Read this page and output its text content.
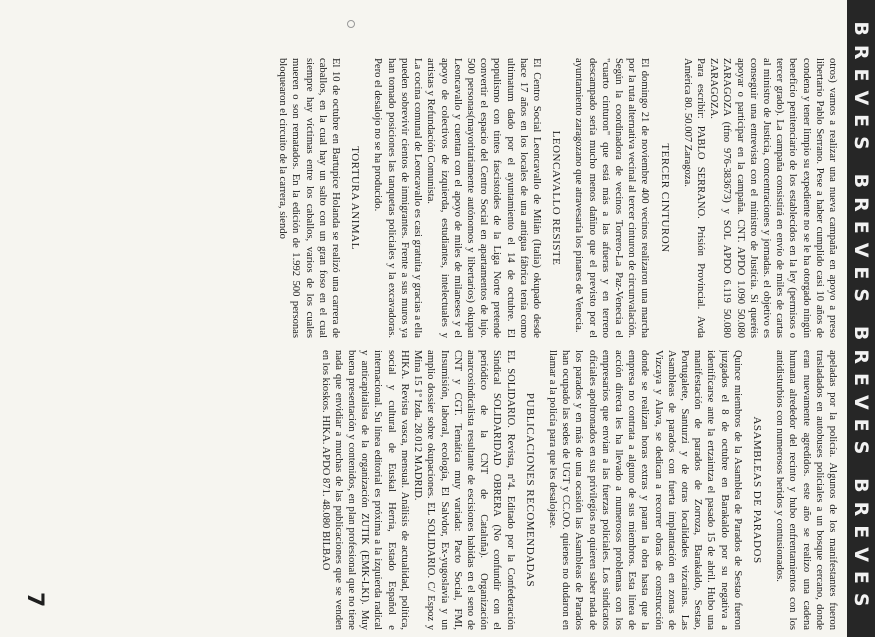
BREVES
BREVES
BREVES
BREVES

otros) vamos a realizar una nueva campaña en apoyo a preso libertario Pablo Serrano. Pese a haber cumplido casi 10 años de condena y tener limpio su expediente no se le ha otorgado ningún beneficio penitenciario de los establecidos en la ley (permisos o tercer grado). La campaña consistirá en envío de miles de cartas al ministro de Justicia, concentraciones y jornadas. el objetivo es conseguir una entrevista con el ministro de Justicia. Si queréis apoyar o participar en la campaña. CNT. APDO 1.090 50.080 ZARAGOZA (tfno 976-383673) y SOL APDO 6.119 50.080 ZARAGOZA.

Para escribir: PABLO SERRANO. Prisión Provincial. Avda América 80. 50.007 Zaragoza.

TERCER CINTURON

El domingo 21 de noviembre 400 vecinos realizaron una marcha por la ruta alternativa vecinal al tercer cinturon de circunvalación. Según la coordinadora de vecinos Torrero-La Paz-Venecia el "cuarto cinturon" que está más a las afueras y en terreno descampado sería mucho menos dañino que el previsto por el ayuntamiento zaragozano que atravesaría los pinares de Venecia.

LEONCAVALLO RESISTE

El Centro Social Leoncavallo de Milán (Italia) okupado desde hace 17 años en los locales de una antigua fábrica tenía como ultimatum dado por el ayuntamiento el 14 de octubre. El populismo con tintes fascistoides de la Liga Norte pretende convertir el espacio del Centro Social en apartamentos de lujo. 500 personas(mayoritariamente autónomos y libertarios) okupan Leoncavallo y cuentan con el apoyo de miles de milaneses y el apoyo de colectivos de izquierda, estudiantes, intelectuales y artistas y Refundación Comunista.

La cocina comunal de Leoncavallo es casi gratuita y gracias a ella pueden sobrevivir cientos de inmigrantes. Frente a sus muros ya han tomado posiciones las tanquetas policiales y la excavadoras. Pero el desalojo no se ha producido.

TORTURA ANIMAL

El 10 de octubre en Bartupice Holanda se realizó una carrera de caballos, en la cual hay un salto con un gran foso en el cual siempre hay víctimas entre los caballos, varios de los cuales mueren o son rematados. En la edición de 1.992 500 personas bloquearon el circuito de la carrera, siendo

apeladas por la policía. Algunos de los manifestantes fueron trasladados en autobuses policiales a un bosque cercano, donde eran nuevamente agredidos. este año se realizo una cadena humana alrededor del recinto y hubo enfrentamientos con los antidisturbios con numerosos heridos y contusionados.

ASAMBLEAS DE PARADOS

Quince miembros de la Asamblea de Parados de Sestao fueron juzgados el 8 de octubre en Barakaldo por su negativa a identificarse ante la ertzaintza el pasado 15 de abril. Hubo una manifestación de parados de Zorroza, Barakaldo, Sestao, Portugalete, Santurzi y de otras localidades vizcainas. Las Asambleas de parados con fuerta implantación en zonas de Vizcaya y Alava, se dedican a recorrer obras de construcción donde se realizan horas extras y paran la obra hasta que la empresa no contrata a alguno de sus miembros. Esta línea de acción directa les ha llevado a numerosos problemas con los empresarios que envian a las fuerzas policiales. Los sindicatos oficiales apoltronados en sus privilegios no quieren saber nada de los parados y en más de una ocasión las Asambleas de Parados han ocupado las sedes de UGT y CC.OO. quienes no dudaron en llamar a la policía para que les desalojase.

PUBLICACIONES RECOMENDADAS

EL SOLIDARIO. Revista, nº4. Editado por la Confederación Sindical SOLIDARIDAD OBRERA (No confundir con el periódico de la CNT de Cataluña). Organización anarcosindicalista resultante de escisiones habidas en el seno de CNT y CGT. Temática muy variada: Pacto Social, FMI, Insumisión, laboral, ecología, El Salvdor, Ex-yugoslavia y un amplio dossier sobre okupaciones. EL SOLIDARIO. C/ Espoz y Mina 15 1º Izda. 28.012 MADRID.

HIKA. Revista vasca, mensual. Análisis de actualidad, política, social y cultural de Euskal Herria, Estado Español e internacional. Su línea editorial es próxima a la izquierda radical y anticapitalista de la organización ZUTIK (EMK-LKI). Muy buena presentación y contenidos, en plan profesional que no tiene nada que envidiar a muchas de las publicaciones que se venden en los kioskos. HIKA. APDO 871. 48.080 BILBAO

7
